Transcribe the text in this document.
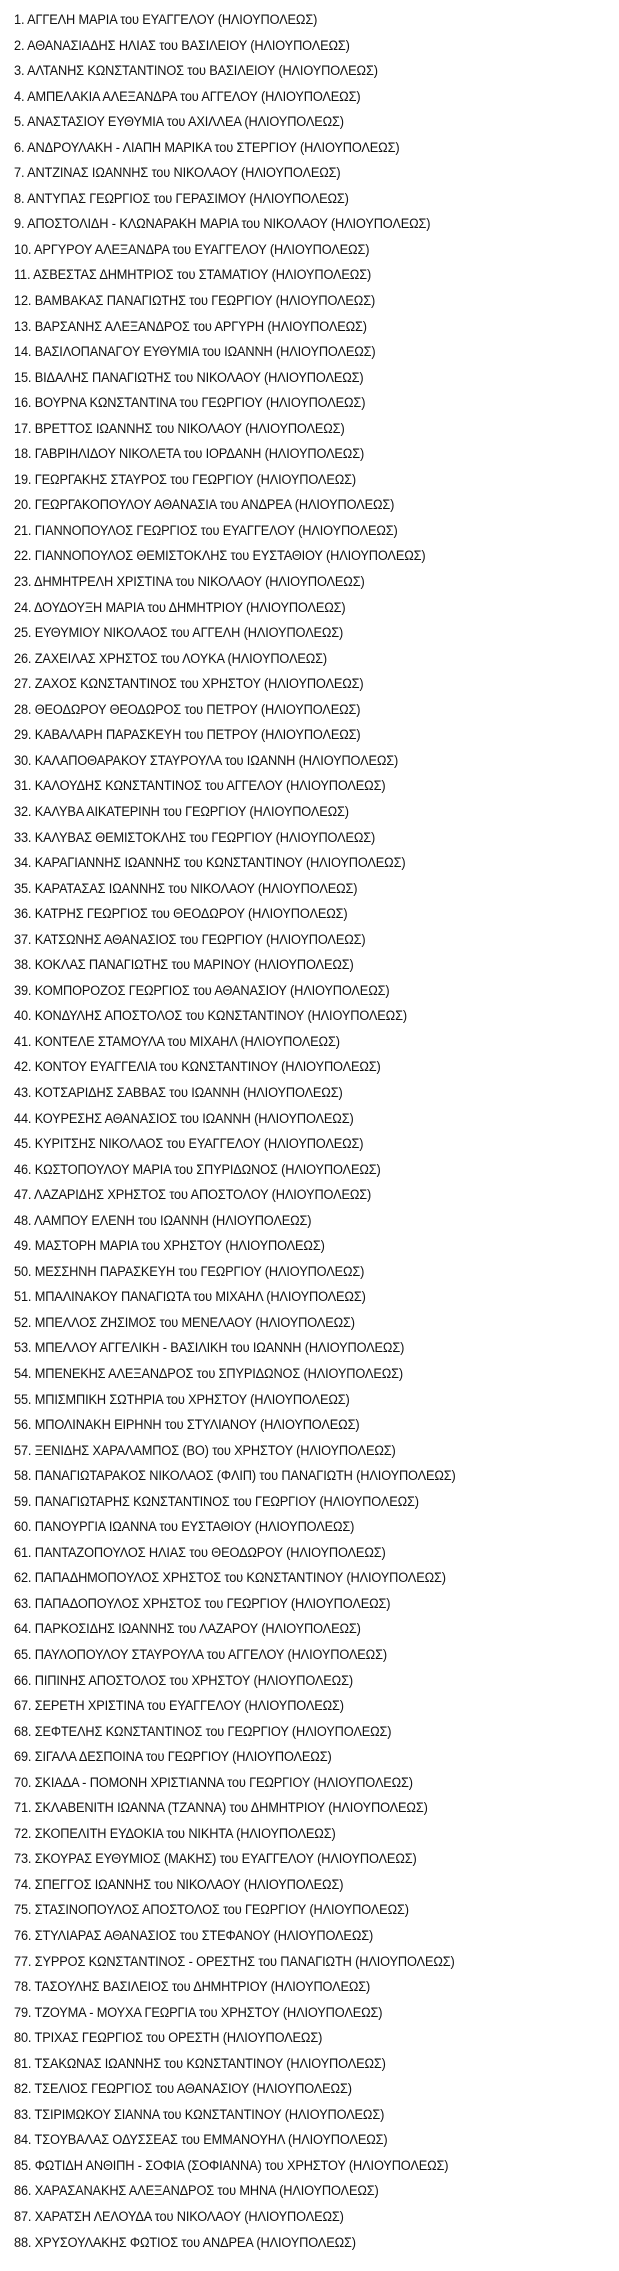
1. ΑΓΓΕΛΗ ΜΑΡΙΑ του ΕΥΑΓΓΕΛΟΥ (ΗΛΙΟΥΠΟΛΕΩΣ)
2. ΑΘΑΝΑΣΙΑΔΗΣ ΗΛΙΑΣ του ΒΑΣΙΛΕΙΟΥ (ΗΛΙΟΥΠΟΛΕΩΣ)
3. ΑΛΤΑΝΗΣ ΚΩΝΣΤΑΝΤΙΝΟΣ του ΒΑΣΙΛΕΙΟΥ (ΗΛΙΟΥΠΟΛΕΩΣ)
4. ΑΜΠΕΛΑΚΙΑ ΑΛΕΞΑΝΔΡΑ του ΑΓΓΕΛΟΥ (ΗΛΙΟΥΠΟΛΕΩΣ)
5. ΑΝΑΣΤΑΣΙΟΥ ΕΥΘΥΜΙΑ του ΑΧΙΛΛΕΑ (ΗΛΙΟΥΠΟΛΕΩΣ)
6. ΑΝΔΡΟΥΛΑΚΗ - ΛΙΑΠΗ ΜΑΡΙΚΑ του ΣΤΕΡΓΙΟΥ (ΗΛΙΟΥΠΟΛΕΩΣ)
7. ΑΝΤΖΙΝΑΣ ΙΩΑΝΝΗΣ του ΝΙΚΟΛΑΟΥ (ΗΛΙΟΥΠΟΛΕΩΣ)
8. ΑΝΤΥΠΑΣ ΓΕΩΡΓΙΟΣ του ΓΕΡΑΣΙΜΟΥ (ΗΛΙΟΥΠΟΛΕΩΣ)
9. ΑΠΟΣΤΟΛΙΔΗ - ΚΛΩΝΑΡΑΚΗ ΜΑΡΙΑ του ΝΙΚΟΛΑΟΥ (ΗΛΙΟΥΠΟΛΕΩΣ)
10. ΑΡΓΥΡΟΥ ΑΛΕΞΑΝΔΡΑ του ΕΥΑΓΓΕΛΟΥ (ΗΛΙΟΥΠΟΛΕΩΣ)
11. ΑΣΒΕΣΤΑΣ ΔΗΜΗΤΡΙΟΣ του ΣΤΑΜΑΤΙΟΥ (ΗΛΙΟΥΠΟΛΕΩΣ)
12. ΒΑΜΒΑΚΑΣ ΠΑΝΑΓΙΩΤΗΣ του ΓΕΩΡΓΙΟΥ (ΗΛΙΟΥΠΟΛΕΩΣ)
13. ΒΑΡΣΑΝΗΣ ΑΛΕΞΑΝΔΡΟΣ του ΑΡΓΥΡΗ (ΗΛΙΟΥΠΟΛΕΩΣ)
14. ΒΑΣΙΛΟΠΑΝΑΓΟΥ ΕΥΘΥΜΙΑ του ΙΩΑΝΝΗ (ΗΛΙΟΥΠΟΛΕΩΣ)
15. ΒΙΔΑΛΗΣ ΠΑΝΑΓΙΩΤΗΣ του ΝΙΚΟΛΑΟΥ (ΗΛΙΟΥΠΟΛΕΩΣ)
16. ΒΟΥΡΝΑ ΚΩΝΣΤΑΝΤΙΝΑ του ΓΕΩΡΓΙΟΥ (ΗΛΙΟΥΠΟΛΕΩΣ)
17. ΒΡΕΤΤΟΣ ΙΩΑΝΝΗΣ του ΝΙΚΟΛΑΟΥ (ΗΛΙΟΥΠΟΛΕΩΣ)
18. ΓΑΒΡΙΗΛΙΔΟΥ ΝΙΚΟΛΕΤΑ του ΙΟΡΔΑΝΗ (ΗΛΙΟΥΠΟΛΕΩΣ)
19. ΓΕΩΡΓΑΚΗΣ ΣΤΑΥΡΟΣ του ΓΕΩΡΓΙΟΥ (ΗΛΙΟΥΠΟΛΕΩΣ)
20. ΓΕΩΡΓΑΚΟΠΟΥΛΟΥ ΑΘΑΝΑΣΙΑ του ΑΝΔΡΕΑ (ΗΛΙΟΥΠΟΛΕΩΣ)
21. ΓΙΑΝΝΟΠΟΥΛΟΣ ΓΕΩΡΓΙΟΣ του ΕΥΑΓΓΕΛΟΥ (ΗΛΙΟΥΠΟΛΕΩΣ)
22. ΓΙΑΝΝΟΠΟΥΛΟΣ ΘΕΜΙΣΤΟΚΛΗΣ του ΕΥΣΤΑΘΙΟΥ (ΗΛΙΟΥΠΟΛΕΩΣ)
23. ΔΗΜΗΤΡΕΛΗ ΧΡΙΣΤΙΝΑ του ΝΙΚΟΛΑΟΥ (ΗΛΙΟΥΠΟΛΕΩΣ)
24. ΔΟΥΔΟΥΞΗ ΜΑΡΙΑ του ΔΗΜΗΤΡΙΟΥ (ΗΛΙΟΥΠΟΛΕΩΣ)
25. ΕΥΘΥΜΙΟΥ ΝΙΚΟΛΑΟΣ του ΑΓΓΕΛΗ (ΗΛΙΟΥΠΟΛΕΩΣ)
26. ΖΑΧΕΙΛΑΣ ΧΡΗΣΤΟΣ του ΛΟΥΚΑ (ΗΛΙΟΥΠΟΛΕΩΣ)
27. ΖΑΧΟΣ ΚΩΝΣΤΑΝΤΙΝΟΣ του ΧΡΗΣΤΟΥ (ΗΛΙΟΥΠΟΛΕΩΣ)
28. ΘΕΟΔΩΡΟΥ ΘΕΟΔΩΡΟΣ του ΠΕΤΡΟΥ (ΗΛΙΟΥΠΟΛΕΩΣ)
29. ΚΑΒΑΛΑΡΗ ΠΑΡΑΣΚΕΥΗ του ΠΕΤΡΟΥ (ΗΛΙΟΥΠΟΛΕΩΣ)
30. ΚΑΛΑΠΟΘΑΡΑΚΟΥ ΣΤΑΥΡΟΥΛΑ του ΙΩΑΝΝΗ (ΗΛΙΟΥΠΟΛΕΩΣ)
31. ΚΑΛΟΥΔΗΣ ΚΩΝΣΤΑΝΤΙΝΟΣ του ΑΓΓΕΛΟΥ (ΗΛΙΟΥΠΟΛΕΩΣ)
32. ΚΑΛΥΒΑ ΑΙΚΑΤΕΡΙΝΗ του ΓΕΩΡΓΙΟΥ (ΗΛΙΟΥΠΟΛΕΩΣ)
33. ΚΑΛΥΒΑΣ ΘΕΜΙΣΤΟΚΛΗΣ του ΓΕΩΡΓΙΟΥ (ΗΛΙΟΥΠΟΛΕΩΣ)
34. ΚΑΡΑΓΙΑΝΝΗΣ ΙΩΑΝΝΗΣ του ΚΩΝΣΤΑΝΤΙΝΟΥ (ΗΛΙΟΥΠΟΛΕΩΣ)
35. ΚΑΡΑΤΑΣΑΣ ΙΩΑΝΝΗΣ του ΝΙΚΟΛΑΟΥ (ΗΛΙΟΥΠΟΛΕΩΣ)
36. ΚΑΤΡΗΣ ΓΕΩΡΓΙΟΣ του ΘΕΟΔΩΡΟΥ (ΗΛΙΟΥΠΟΛΕΩΣ)
37. ΚΑΤΣΩΝΗΣ ΑΘΑΝΑΣΙΟΣ του ΓΕΩΡΓΙΟΥ (ΗΛΙΟΥΠΟΛΕΩΣ)
38. ΚΟΚΛΑΣ ΠΑΝΑΓΙΩΤΗΣ του ΜΑΡΙΝΟΥ (ΗΛΙΟΥΠΟΛΕΩΣ)
39. ΚΟΜΠΟΡΟΖΟΣ ΓΕΩΡΓΙΟΣ του ΑΘΑΝΑΣΙΟΥ (ΗΛΙΟΥΠΟΛΕΩΣ)
40. ΚΟΝΔΥΛΗΣ ΑΠΟΣΤΟΛΟΣ του ΚΩΝΣΤΑΝΤΙΝΟΥ (ΗΛΙΟΥΠΟΛΕΩΣ)
41. ΚΟΝΤΕΛΕ ΣΤΑΜΟΥΛΑ του ΜΙΧΑΗΛ (ΗΛΙΟΥΠΟΛΕΩΣ)
42. ΚΟΝΤΟΥ ΕΥΑΓΓΕΛΙΑ του ΚΩΝΣΤΑΝΤΙΝΟΥ (ΗΛΙΟΥΠΟΛΕΩΣ)
43. ΚΟΤΣΑΡΙΔΗΣ ΣΑΒΒΑΣ του ΙΩΑΝΝΗ (ΗΛΙΟΥΠΟΛΕΩΣ)
44. ΚΟΥΡΕΣΗΣ ΑΘΑΝΑΣΙΟΣ του ΙΩΑΝΝΗ (ΗΛΙΟΥΠΟΛΕΩΣ)
45. ΚΥΡΙΤΣΗΣ ΝΙΚΟΛΑΟΣ του ΕΥΑΓΓΕΛΟΥ (ΗΛΙΟΥΠΟΛΕΩΣ)
46. ΚΩΣΤΟΠΟΥΛΟΥ ΜΑΡΙΑ του ΣΠΥΡΙΔΩΝΟΣ (ΗΛΙΟΥΠΟΛΕΩΣ)
47. ΛΑΖΑΡΙΔΗΣ ΧΡΗΣΤΟΣ του ΑΠΟΣΤΟΛΟΥ (ΗΛΙΟΥΠΟΛΕΩΣ)
48. ΛΑΜΠΟΥ ΕΛΕΝΗ του ΙΩΑΝΝΗ (ΗΛΙΟΥΠΟΛΕΩΣ)
49. ΜΑΣΤΟΡΗ ΜΑΡΙΑ του ΧΡΗΣΤΟΥ (ΗΛΙΟΥΠΟΛΕΩΣ)
50. ΜΕΣΣΗΝΗ ΠΑΡΑΣΚΕΥΗ του ΓΕΩΡΓΙΟΥ (ΗΛΙΟΥΠΟΛΕΩΣ)
51. ΜΠΑΛΙΝΑΚΟΥ ΠΑΝΑΓΙΩΤΑ του ΜΙΧΑΗΛ (ΗΛΙΟΥΠΟΛΕΩΣ)
52. ΜΠΕΛΛΟΣ ΖΗΣΙΜΟΣ του ΜΕΝΕΛΑΟΥ (ΗΛΙΟΥΠΟΛΕΩΣ)
53. ΜΠΕΛΛΟΥ ΑΓΓΕΛΙΚΗ - ΒΑΣΙΛΙΚΗ του ΙΩΑΝΝΗ (ΗΛΙΟΥΠΟΛΕΩΣ)
54. ΜΠΕΝΕΚΗΣ ΑΛΕΞΑΝΔΡΟΣ του ΣΠΥΡΙΔΩΝΟΣ (ΗΛΙΟΥΠΟΛΕΩΣ)
55. ΜΠΙΣΜΠΙΚΗ ΣΩΤΗΡΙΑ του ΧΡΗΣΤΟΥ (ΗΛΙΟΥΠΟΛΕΩΣ)
56. ΜΠΟΛΙΝΑΚΗ ΕΙΡΗΝΗ του ΣΤΥΛΙΑΝΟΥ (ΗΛΙΟΥΠΟΛΕΩΣ)
57. ΞΕΝΙΔΗΣ ΧΑΡΑΛΑΜΠΟΣ (ΒΟ) του ΧΡΗΣΤΟΥ (ΗΛΙΟΥΠΟΛΕΩΣ)
58. ΠΑΝΑΓΙΩΤΑΡΑΚΟΣ ΝΙΚΟΛΑΟΣ (ΦΛΙΠ) του ΠΑΝΑΓΙΩΤΗ (ΗΛΙΟΥΠΟΛΕΩΣ)
59. ΠΑΝΑΓΙΩΤΑΡΗΣ ΚΩΝΣΤΑΝΤΙΝΟΣ του ΓΕΩΡΓΙΟΥ (ΗΛΙΟΥΠΟΛΕΩΣ)
60. ΠΑΝΟΥΡΓΙΑ ΙΩΑΝΝΑ του ΕΥΣΤΑΘΙΟΥ (ΗΛΙΟΥΠΟΛΕΩΣ)
61. ΠΑΝΤΑΖΟΠΟΥΛΟΣ ΗΛΙΑΣ του ΘΕΟΔΩΡΟΥ (ΗΛΙΟΥΠΟΛΕΩΣ)
62. ΠΑΠΑΔΗΜΟΠΟΥΛΟΣ ΧΡΗΣΤΟΣ του ΚΩΝΣΤΑΝΤΙΝΟΥ (ΗΛΙΟΥΠΟΛΕΩΣ)
63. ΠΑΠΑΔΟΠΟΥΛΟΣ ΧΡΗΣΤΟΣ του ΓΕΩΡΓΙΟΥ (ΗΛΙΟΥΠΟΛΕΩΣ)
64. ΠΑΡΚΟΣΙΔΗΣ ΙΩΑΝΝΗΣ του ΛΑΖΑΡΟΥ (ΗΛΙΟΥΠΟΛΕΩΣ)
65. ΠΑΥΛΟΠΟΥΛΟΥ ΣΤΑΥΡΟΥΛΑ του ΑΓΓΕΛΟΥ (ΗΛΙΟΥΠΟΛΕΩΣ)
66. ΠΙΠΙΝΗΣ ΑΠΟΣΤΟΛΟΣ του ΧΡΗΣΤΟΥ (ΗΛΙΟΥΠΟΛΕΩΣ)
67. ΣΕΡΕΤΗ ΧΡΙΣΤΙΝΑ του ΕΥΑΓΓΕΛΟΥ (ΗΛΙΟΥΠΟΛΕΩΣ)
68. ΣΕΦΤΕΛΗΣ ΚΩΝΣΤΑΝΤΙΝΟΣ του ΓΕΩΡΓΙΟΥ (ΗΛΙΟΥΠΟΛΕΩΣ)
69. ΣΙΓΑΛΑ ΔΕΣΠΟΙΝΑ του ΓΕΩΡΓΙΟΥ (ΗΛΙΟΥΠΟΛΕΩΣ)
70. ΣΚΙΑΔΑ - ΠΟΜΟΝΗ ΧΡΙΣΤΙΑΝΝΑ του ΓΕΩΡΓΙΟΥ (ΗΛΙΟΥΠΟΛΕΩΣ)
71. ΣΚΛΑΒΕΝΙΤΗ ΙΩΑΝΝΑ (ΤΖΑΝΝΑ) του ΔΗΜΗΤΡΙΟΥ (ΗΛΙΟΥΠΟΛΕΩΣ)
72. ΣΚΟΠΕΛΙΤΗ ΕΥΔΟΚΙΑ του ΝΙΚΗΤΑ (ΗΛΙΟΥΠΟΛΕΩΣ)
73. ΣΚΟΥΡΑΣ ΕΥΘΥΜΙΟΣ (ΜΑΚΗΣ) του ΕΥΑΓΓΕΛΟΥ (ΗΛΙΟΥΠΟΛΕΩΣ)
74. ΣΠΕΓΓΟΣ ΙΩΑΝΝΗΣ του ΝΙΚΟΛΑΟΥ (ΗΛΙΟΥΠΟΛΕΩΣ)
75. ΣΤΑΣΙΝΟΠΟΥΛΟΣ ΑΠΟΣΤΟΛΟΣ του ΓΕΩΡΓΙΟΥ (ΗΛΙΟΥΠΟΛΕΩΣ)
76. ΣΤΥΛΙΑΡΑΣ ΑΘΑΝΑΣΙΟΣ του ΣΤΕΦΑΝΟΥ (ΗΛΙΟΥΠΟΛΕΩΣ)
77. ΣΥΡΡΟΣ ΚΩΝΣΤΑΝΤΙΝΟΣ - ΟΡΕΣΤΗΣ του ΠΑΝΑΓΙΩΤΗ (ΗΛΙΟΥΠΟΛΕΩΣ)
78. ΤΑΣΟΥΛΗΣ ΒΑΣΙΛΕΙΟΣ του ΔΗΜΗΤΡΙΟΥ (ΗΛΙΟΥΠΟΛΕΩΣ)
79. ΤΖΟΥΜΑ - ΜΟΥΧΑ ΓΕΩΡΓΙΑ του ΧΡΗΣΤΟΥ (ΗΛΙΟΥΠΟΛΕΩΣ)
80. ΤΡΙΧΑΣ ΓΕΩΡΓΙΟΣ του ΟΡΕΣΤΗ (ΗΛΙΟΥΠΟΛΕΩΣ)
81. ΤΣΑΚΩΝΑΣ ΙΩΑΝΝΗΣ του ΚΩΝΣΤΑΝΤΙΝΟΥ (ΗΛΙΟΥΠΟΛΕΩΣ)
82. ΤΣΕΛΙΟΣ ΓΕΩΡΓΙΟΣ του ΑΘΑΝΑΣΙΟΥ (ΗΛΙΟΥΠΟΛΕΩΣ)
83. ΤΣΙΡΙΜΩΚΟΥ ΣΙΑΝΝΑ του ΚΩΝΣΤΑΝΤΙΝΟΥ (ΗΛΙΟΥΠΟΛΕΩΣ)
84. ΤΣΟΥΒΑΛΑΣ ΟΔΥΣΣΕΑΣ του ΕΜΜΑΝΟΥΗΛ (ΗΛΙΟΥΠΟΛΕΩΣ)
85. ΦΩΤΙΔΗ ΑΝΘΙΠΗ - ΣΟΦΙΑ (ΣΟΦΙΑΝΝΑ) του ΧΡΗΣΤΟΥ (ΗΛΙΟΥΠΟΛΕΩΣ)
86. ΧΑΡΑΣΑΝΑΚΗΣ ΑΛΕΞΑΝΔΡΟΣ του ΜΗΝΑ (ΗΛΙΟΥΠΟΛΕΩΣ)
87. ΧΑΡΑΤΣΗ ΛΕΛΟΥΔΑ του ΝΙΚΟΛΑΟΥ (ΗΛΙΟΥΠΟΛΕΩΣ)
88. ΧΡΥΣΟΥΛΑΚΗΣ ΦΩΤΙΟΣ του ΑΝΔΡΕΑ (ΗΛΙΟΥΠΟΛΕΩΣ)
